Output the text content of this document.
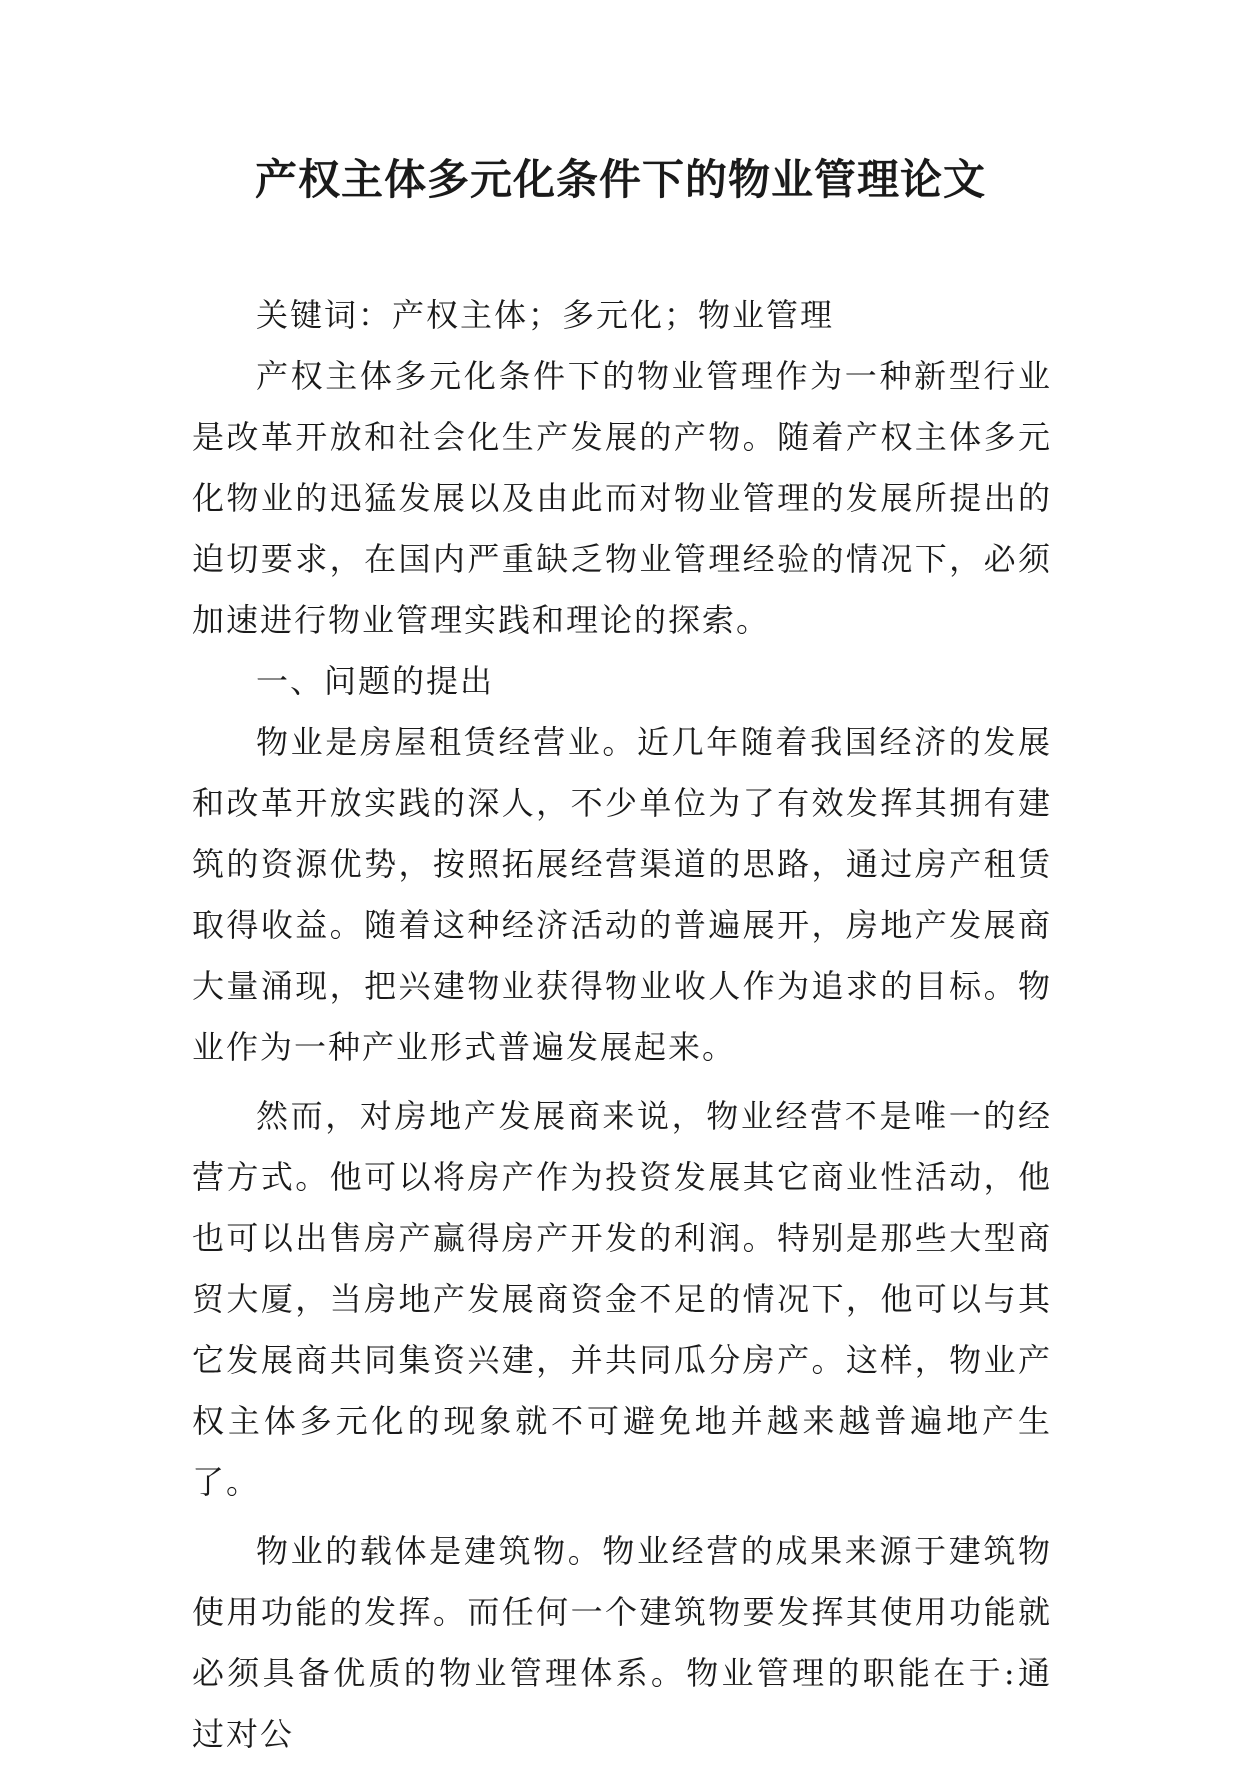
产权主体多元化条件下的物业管理论文

关键词：产权主体；多元化；物业管理

产权主体多元化条件下的物业管理作为一种新型行业是改革开放和社会化生产发展的产物。随着产权主体多元化物业的迅猛发展以及由此而对物业管理的发展所提出的迫切要求，在国内严重缺乏物业管理经验的情况下，必须加速进行物业管理实践和理论的探索。

一、问题的提出

物业是房屋租赁经营业。近几年随着我国经济的发展和改革开放实践的深人，不少单位为了有效发挥其拥有建筑的资源优势，按照拓展经营渠道的思路，通过房产租赁取得收益。随着这种经济活动的普遍展开，房地产发展商大量涌现，把兴建物业获得物业收人作为追求的目标。物业作为一种产业形式普遍发展起来。

然而，对房地产发展商来说，物业经营不是唯一的经营方式。他可以将房产作为投资发展其它商业性活动，他也可以出售房产赢得房产开发的利润。特别是那些大型商贸大厦，当房地产发展商资金不足的情况下，他可以与其它发展商共同集资兴建，并共同瓜分房产。这样，物业产权主体多元化的现象就不可避免地并越来越普遍地产生了。

物业的载体是建筑物。物业经营的成果来源于建筑物使用功能的发挥。而任何一个建筑物要发挥其使用功能就必须具备优质的物业管理体系。物业管理的职能在于:通过对公
